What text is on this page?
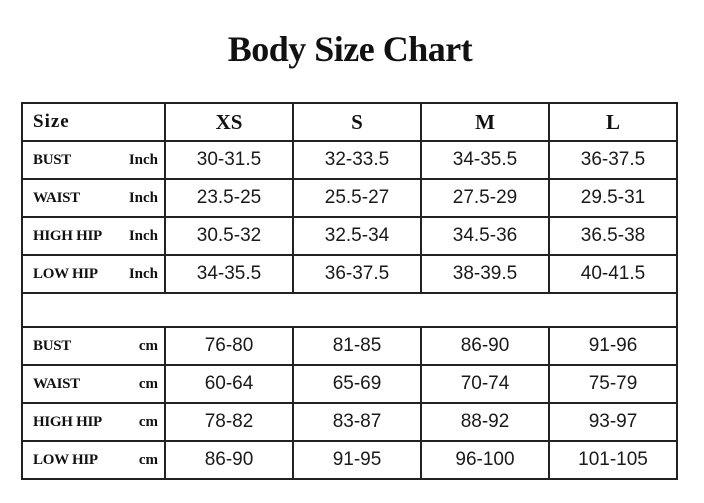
Body Size Chart
Size	XS	S	M	L

BUST Inch	30-31.5	32-33.5	34-35.5	36-37.5

WAIST Inch	23.5-25	25.5-27	27.5-29	29.5-31

HIGH HIP Inch	30.5-32	32.5-34	34.5-36	36.5-38

LOW HIP Inch	34-35.5	36-37.5	38-39.5	40-41.5

BUST cm	76-80	81-85	86-90	91-96

WAIST cm	60-64	65-69	70-74	75-79

HIGH HIP cm	78-82	83-87	88-92	93-97

LOW HIP cm	86-90	91-95	96-100	101-105
